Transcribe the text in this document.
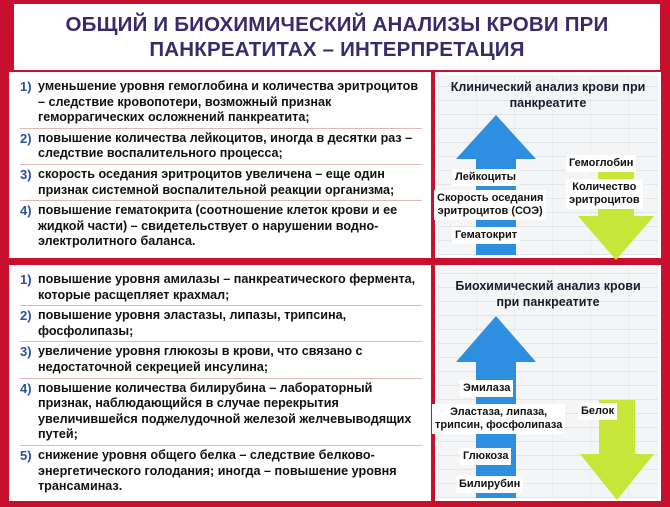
ОБЩИЙ И БИОХИМИЧЕСКИЙ АНАЛИЗЫ КРОВИ ПРИ
ПАНКРЕАТИТАХ – ИНТЕРПРЕТАЦИЯ
1) уменьшение уровня гемоглобина и количества эритроцитов – следствие кровопотери, возможный признак геморрагических осложнений панкреатита;
2) повышение количества лейкоцитов, иногда в десятки раз – следствие воспалительного процесса;
3) скорость оседания эритроцитов увеличена – еще один признак системной воспалительной реакции организма;
4) повышение гематокрита (соотношение клеток крови и ее жидкой части) – свидетельствует о нарушении водно-электролитного баланса.
1) повышение уровня амилазы – панкреатического фермента, которые расщепляет крахмал;
2) повышение уровня эластазы, липазы, трипсина, фосфолипазы;
3) увеличение уровня глюкозы в крови, что связано с недостаточной секрецией инсулина;
4) повышение количества билирубина – лабораторный признак, наблюдающийся в случае перекрытия увеличившейся поджелудочной железой желчевыводящих путей;
5) снижение уровня общего белка – следствие белково-энергетического голодания; иногда – повышение уровня трансаминаз.
Клинический анализ крови при
панкреатите
Лейкоциты
Скорость оседания
эритроцитов (СОЭ)
Гематокрит
Гемоглобин
Количество
эритроцитов
Биохимический анализ крови
при панкреатите
Эмилаза
Эластаза, липаза,
трипсин, фосфолипаза
Глюкоза
Билирубин
Белок
